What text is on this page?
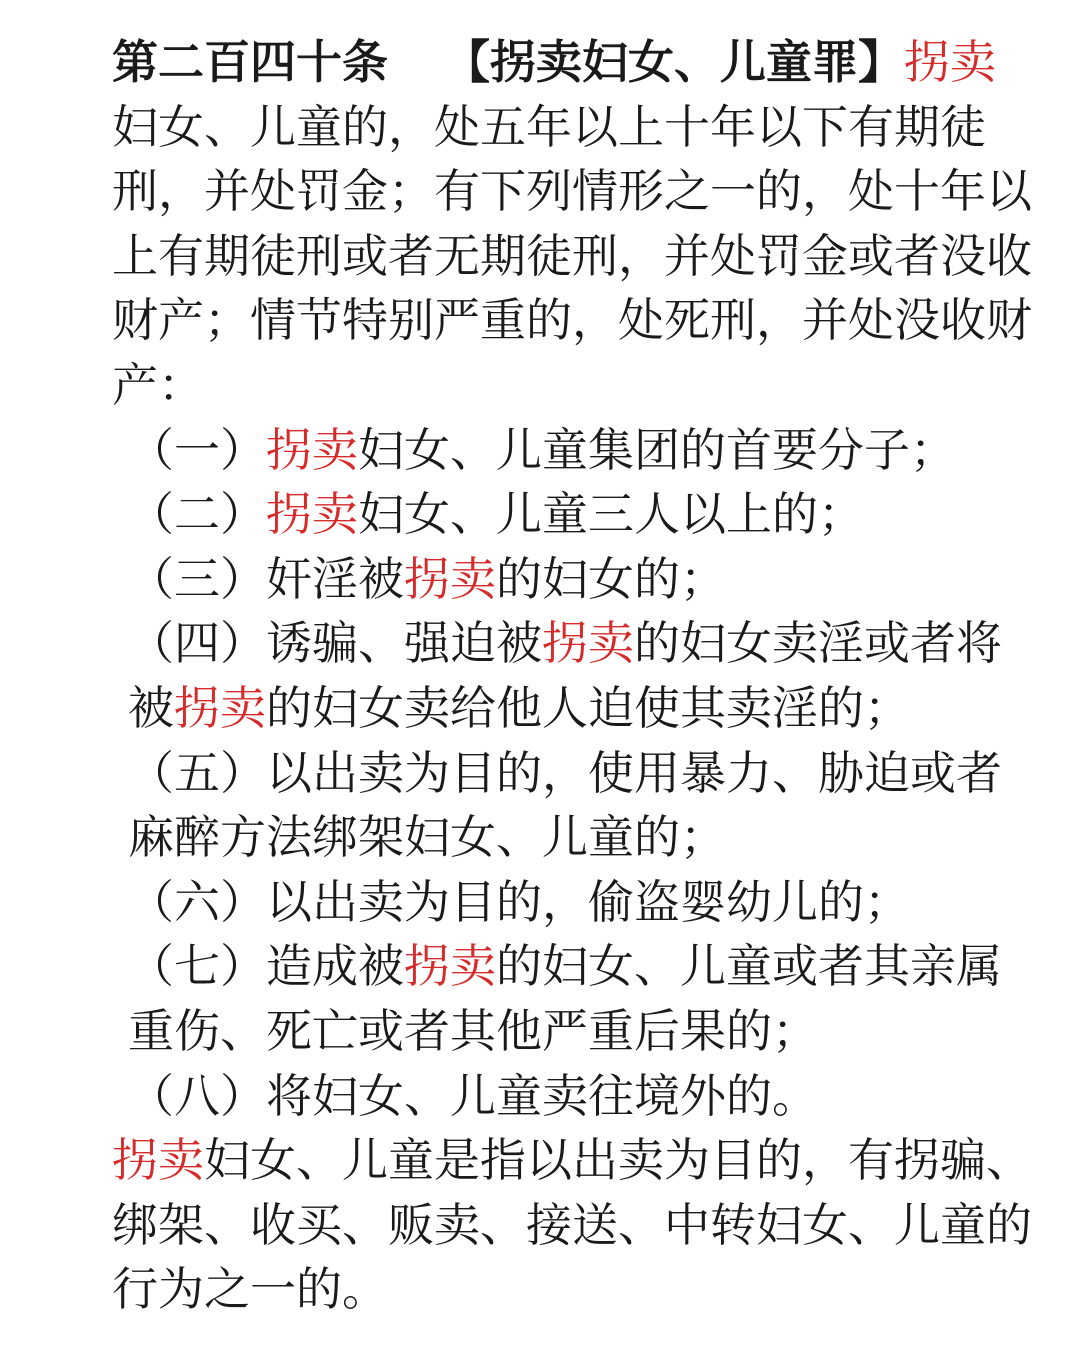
第二百四十条 【拐卖妇女、儿童罪】拐卖妇女、儿童的，处五年以上十年以下有期徒刑，并处罚金；有下列情形之一的，处十年以上有期徒刑或者无期徒刑，并处罚金或者没收财产；情节特别严重的，处死刑，并处没收财产：

（一）拐卖妇女、儿童集团的首要分子；

（二）拐卖妇女、儿童三人以上的；

（三）奸淫被拐卖的妇女的；

（四）诱骗、强迫被拐卖的妇女卖淫或者将被拐卖的妇女卖给他人迫使其卖淫的；

（五）以出卖为目的，使用暴力、胁迫或者麻醉方法绑架妇女、儿童的；

（六）以出卖为目的，偷盗婴幼儿的；

（七）造成被拐卖的妇女、儿童或者其亲属重伤、死亡或者其他严重后果的；

（八）将妇女、儿童卖往境外的。

拐卖妇女、儿童是指以出卖为目的，有拐骗、绑架、收买、贩卖、接送、中转妇女、儿童的行为之一的。
